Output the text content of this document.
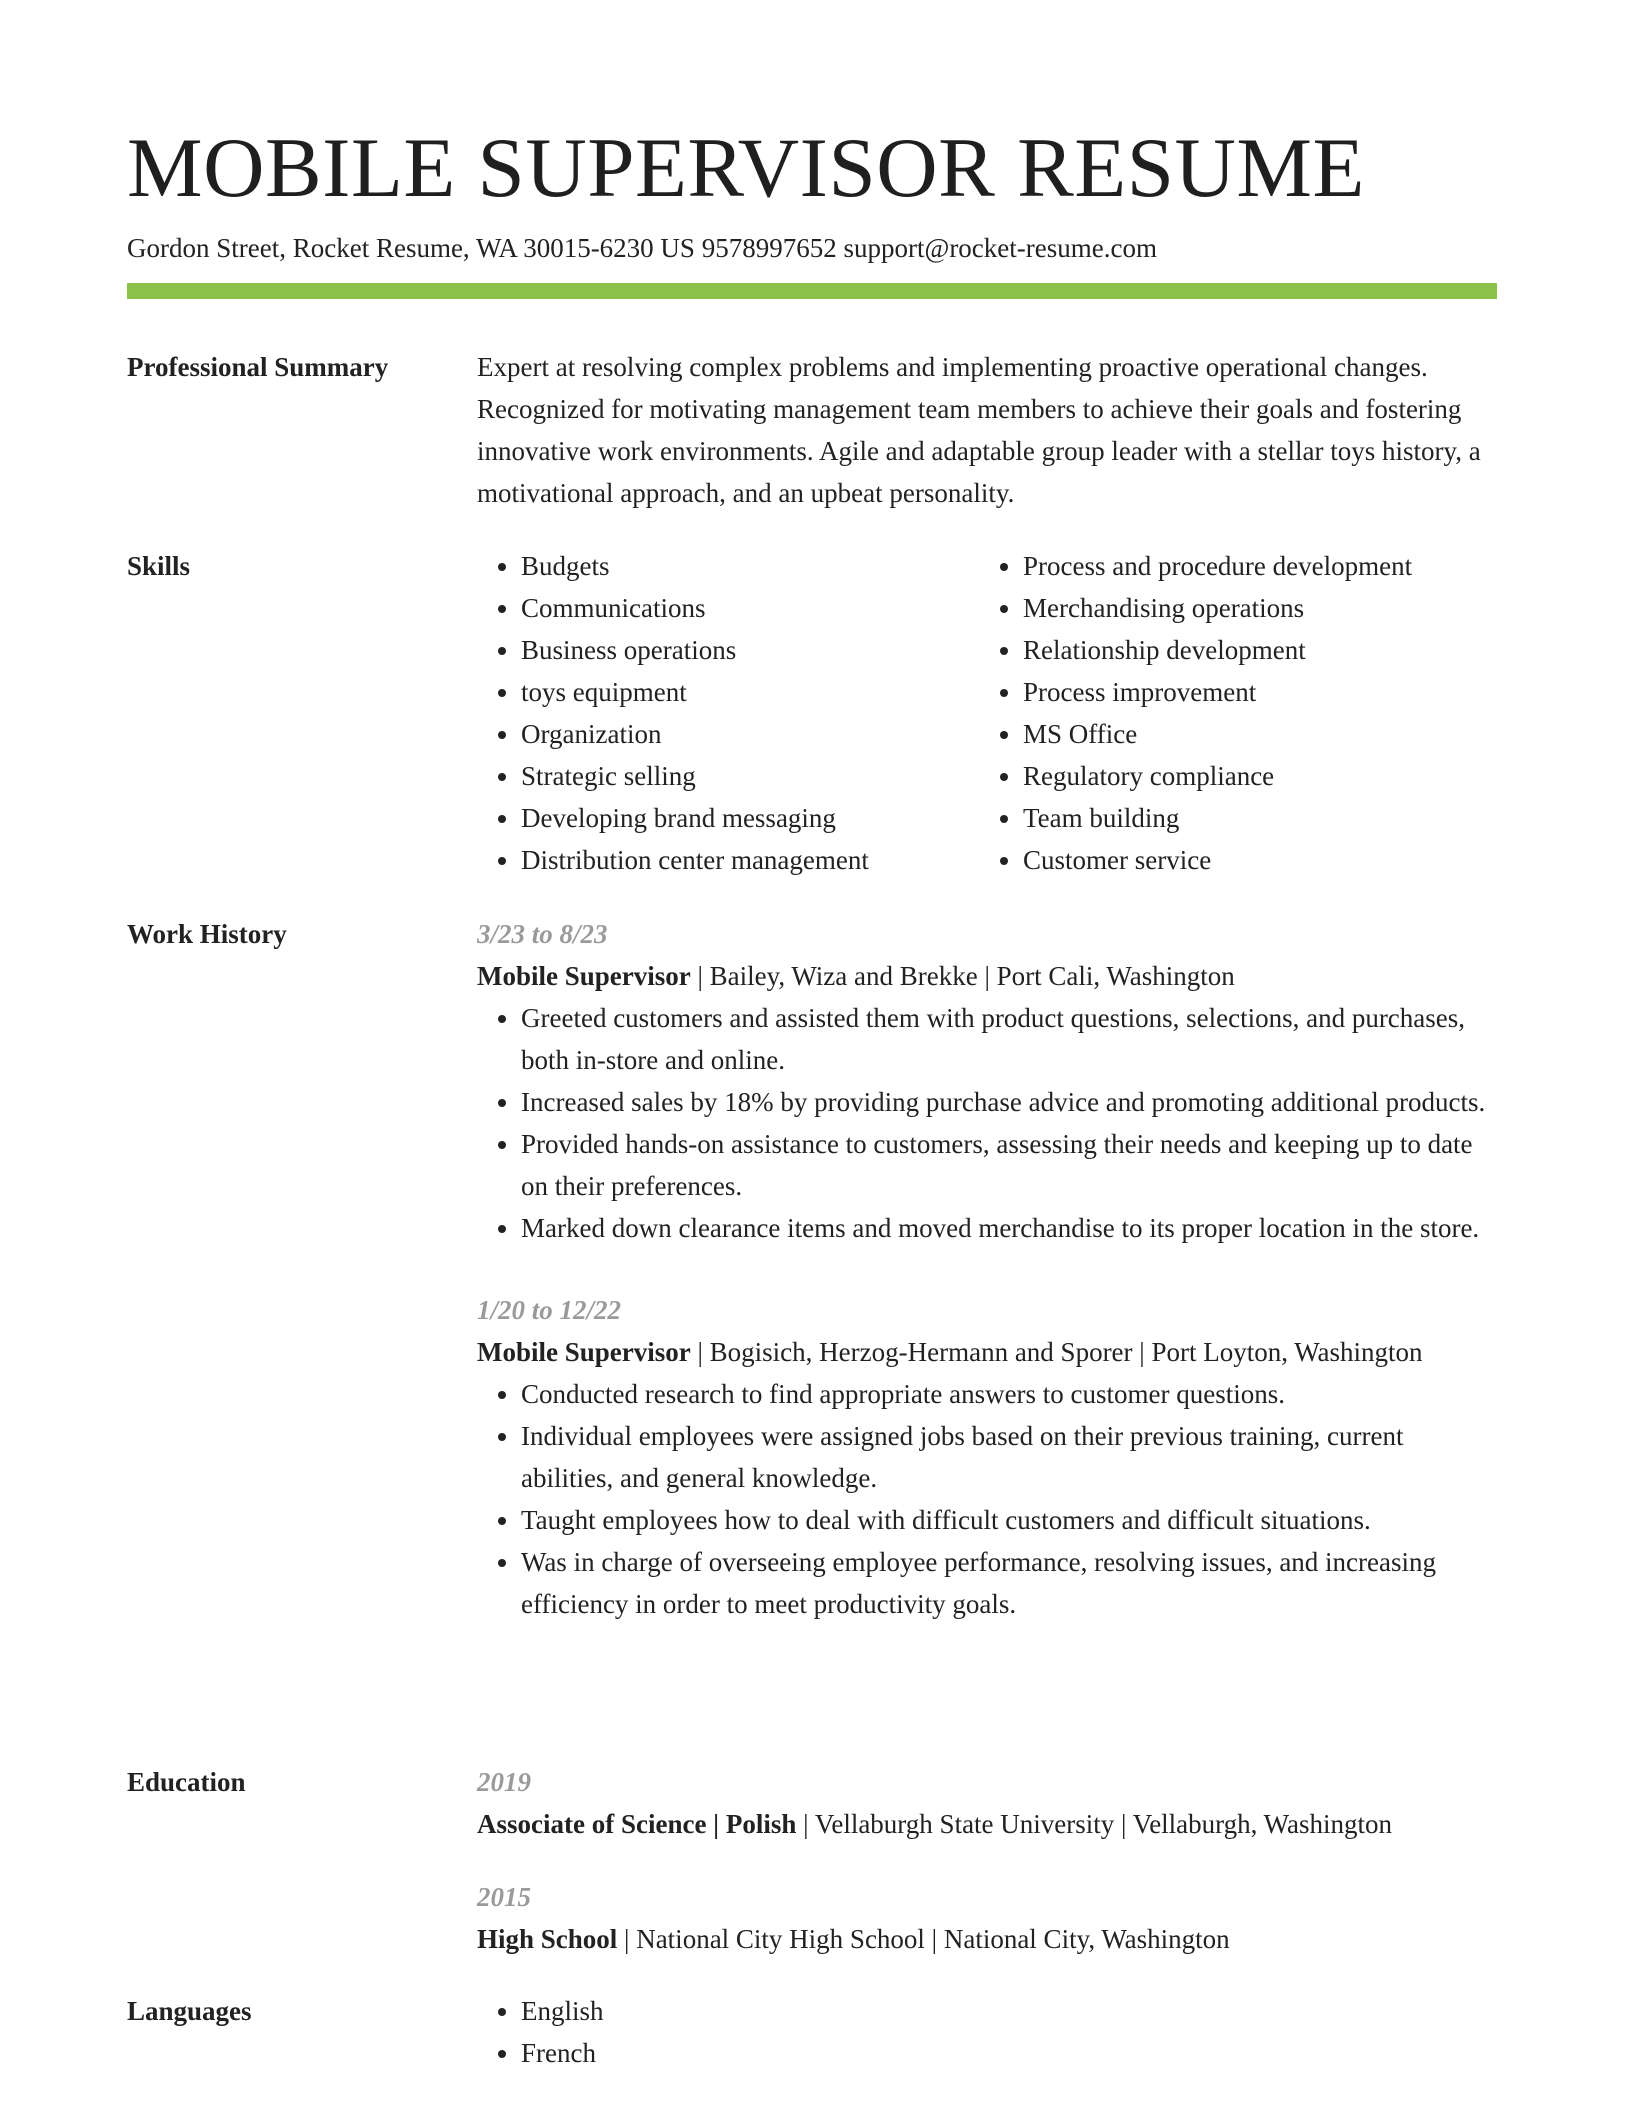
MOBILE SUPERVISOR RESUME
Gordon Street, Rocket Resume, WA 30015-6230 US 9578997652 support@rocket-resume.com
Professional Summary	Expert at resolving complex problems and implementing proactive operational changes. Recognized for motivating management team members to achieve their goals and fostering innovative work environments. Agile and adaptable group leader with a stellar toys history, a motivational approach, and an upbeat personality.

Skills	• Budgets
• Communications
• Business operations
• toys equipment
• Organization
• Strategic selling
• Developing brand messaging
• Distribution center management
• Process and procedure development
• Merchandising operations
• Relationship development
• Process improvement
• MS Office
• Regulatory compliance
• Team building
• Customer service
Work History	3/23 to 8/23
Mobile Supervisor | Bailey, Wiza and Brekke | Port Cali, Washington
• Greeted customers and assisted them with product questions, selections, and purchases, both in-store and online.
• Increased sales by 18% by providing purchase advice and promoting additional products.
• Provided hands-on assistance to customers, assessing their needs and keeping up to date on their preferences.
• Marked down clearance items and moved merchandise to its proper location in the store.
1/20 to 12/22
Mobile Supervisor | Bogisich, Herzog-Hermann and Sporer | Port Loyton, Washington
• Conducted research to find appropriate answers to customer questions.
• Individual employees were assigned jobs based on their previous training, current abilities, and general knowledge.
• Taught employees how to deal with difficult customers and difficult situations.
• Was in charge of overseeing employee performance, resolving issues, and increasing efficiency in order to meet productivity goals.
Education	2019
Associate of Science | Polish | Vellaburgh State University | Vellaburgh, Washington
2015
High School | National City High School | National City, Washington
Languages	• English
• French
